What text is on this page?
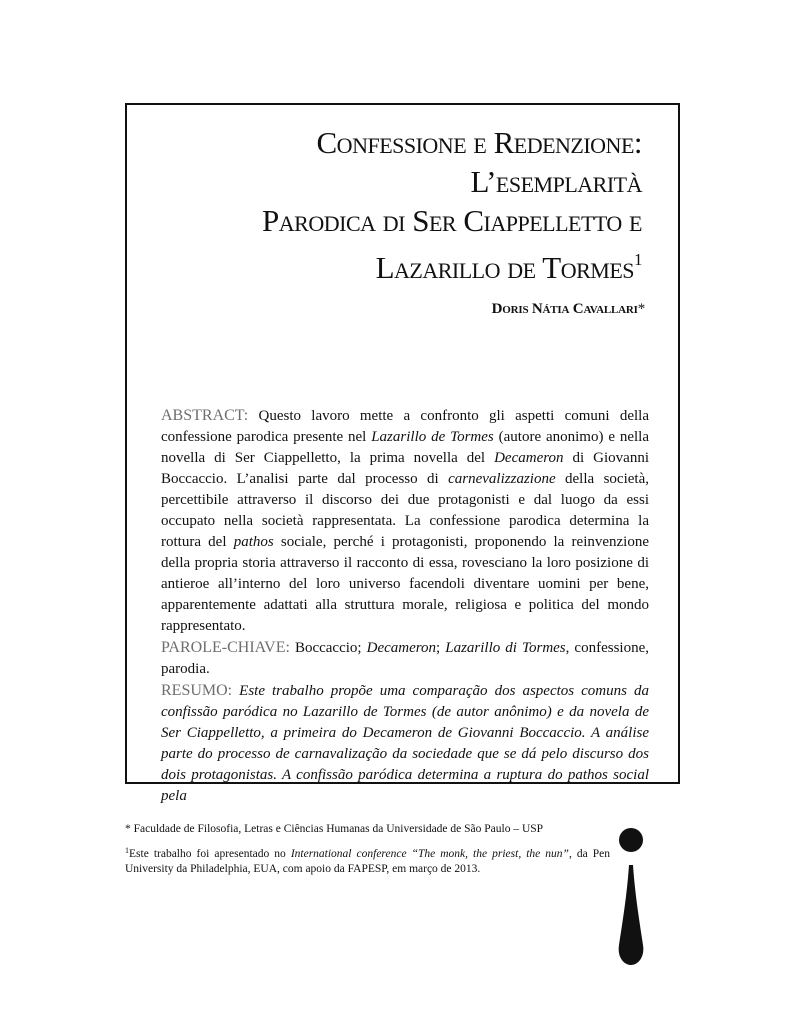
Confessione e Redenzione: L’esemplarità
Parodica di Ser Ciappelletto e
Lazarillo de Tormes$^1$
Doris Nátia Cavallari*

ABSTRACT: Questo lavoro mette a confronto gli aspetti comuni della confessione parodica presente nel Lazarillo de Tormes (autore anonimo) e nella novella di Ser Ciappelletto, la prima novella del Decameron di Giovanni Boccaccio. L’analisi parte dal processo di carnevalizzazione della società, percettibile attraverso il discorso dei due protagonisti e dal luogo da essi occupato nella società rappresentata. La confessione parodica determina la rottura del pathos sociale, perché i protagonisti, proponendo la reinvenzione della propria storia attraverso il racconto di essa, rovesciano la loro posizione di antieroe all’interno del loro universo facendoli diventare uomini per bene, apparentemente adattati alla struttura morale, religiosa e politica del mondo rappresentato.

PAROLE-CHIAVE: Boccaccio; Decameron; Lazarillo di Tormes, confessione, parodia.

RESUMO: Este trabalho propõe uma comparação dos aspectos comuns da confissão paródica no Lazarillo de Tormes (de autor anônimo) e da novela de Ser Ciappelletto, a primeira do Decameron de Giovanni Boccaccio. A análise parte do processo de carnavalização da sociedade que se dá pelo discurso dos dois protagonistas. A confissão paródica determina a ruptura do pathos social pela

* Faculdade de Filosofia, Letras e Ciências Humanas da Universidade de São Paulo – USP

$^1$Este trabalho foi apresentado no International conference “The monk, the priest, the nun”, da Pen University da Philadelphia, EUA, com apoio da FAPESP, em março de 2013.
